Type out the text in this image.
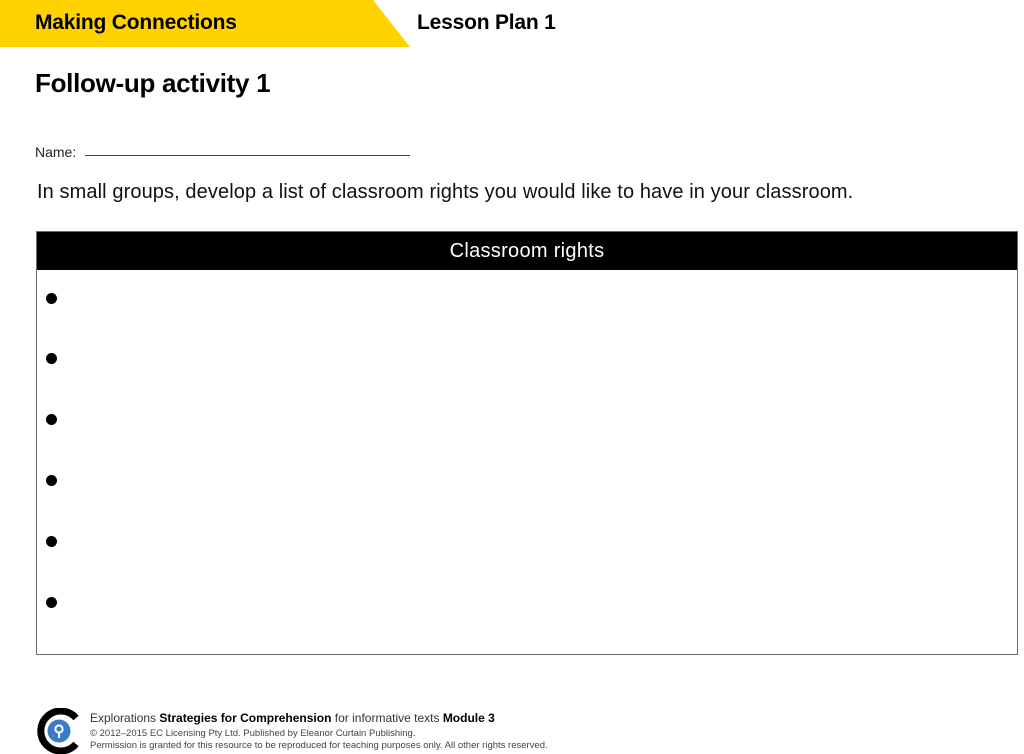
Making Connections	Lesson Plan 1
Follow-up activity 1
Name:
In small groups, develop a list of classroom rights you would like to have in your classroom.
Classroom rights
Explorations Strategies for Comprehension for informative texts Module 3
© 2012–2015 EC Licensing Pty Ltd. Published by Eleanor Curtain Publishing.
Permission is granted for this resource to be reproduced for teaching purposes only. All other rights reserved.
